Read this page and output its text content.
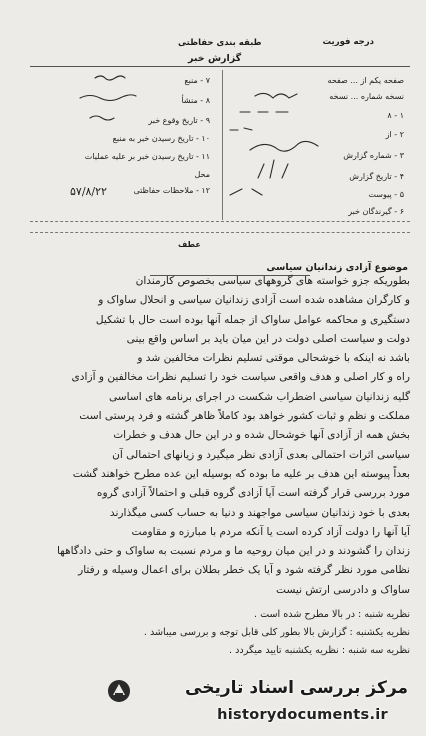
درجه فوریت
طبقه بندی حفاظتی
گزارش خبر
صفحه یکم از ... صفحه
نسخه شماره ... نسخه
۱ - ۸
۲ - از
۳ - شماره گزارش
۴ - تاریخ گزارش
۵ - پیوست
۶ - گیرندگان خبر
۷ - منبع
۸ - منشأ
۹ - تاریخ وقوع خبر
۱۰ - تاریخ رسیدن خبر به منبع
۱۱ - تاریخ رسیدن خبر بر علیه عملیات
محل
۱۲ - ملاحظات حفاظتی
۵۷/۸/۲۲
عطف
موضوع آزادی زندانیان سیاسی

بطوریکه جزو خواسته های گروههای سیاسی بخصوص کارمندان

و کارگران مشاهده شده است آزادی زندانیان سیاسی و انحلال ساواک و

دستگیری و محاکمه عوامل ساواک از جمله آنها بوده است حال با تشکیل

دولت و سیاست اصلی دولت در این میان باید بر اساس واقع بینی

باشد نه اینکه با خوشحالی موقتی تسلیم نظرات مخالفین شد و

راه و کار اصلی و هدف واقعی سیاست خود را تسلیم نظرات مخالفین و آزادی

گلیه زندانیان سیاسی اضطراب شکست در اجرای برنامه های اساسی

مملکت و نظم و ثبات کشور خواهد بود کاملاً ظاهر گشته و فرد پرستی است

بخش همه از آزادی آنها خوشحال شده و در این حال هدف و خطرات

سیاسی اثرات احتمالی بعدی آزادی نظر میگیرد و زیانهای احتمالی آن

بعداً پیوسته این هدف بر علیه ما بوده که بوسیله این عده مطرح خواهند گشت

مورد بررسی قرار گرفته است آیا آزادی گروه قبلی و احتمالاً آزادی گروه

بعدی با خود زندانیان سیاسی مواجهند و دنیا به حساب کسی میگذارند

آیا آنها را دولت آزاد کرده است یا آنکه مردم با مبارزه و مقاومت

زندان را گشودند و در این میان روحیه ما و مردم نسبت به ساواک و حتی دادگاهها

نظامی مورد نظر گرفته شود و آیا یک خطر بطلان برای اعمال وسیله و رفتار

ساواک و دادرسی ارتش نیست

نظریه شنبه : در بالا مطرح شده است .

نظریه یکشنبه : گزارش بالا بطور کلی قابل توجه و بررسی میباشد .

نظریه سه شنبه : نظریه یکشنبه تایید میگردد .

مرکز بررسی اسناد تاریخی
historydocuments.ir
